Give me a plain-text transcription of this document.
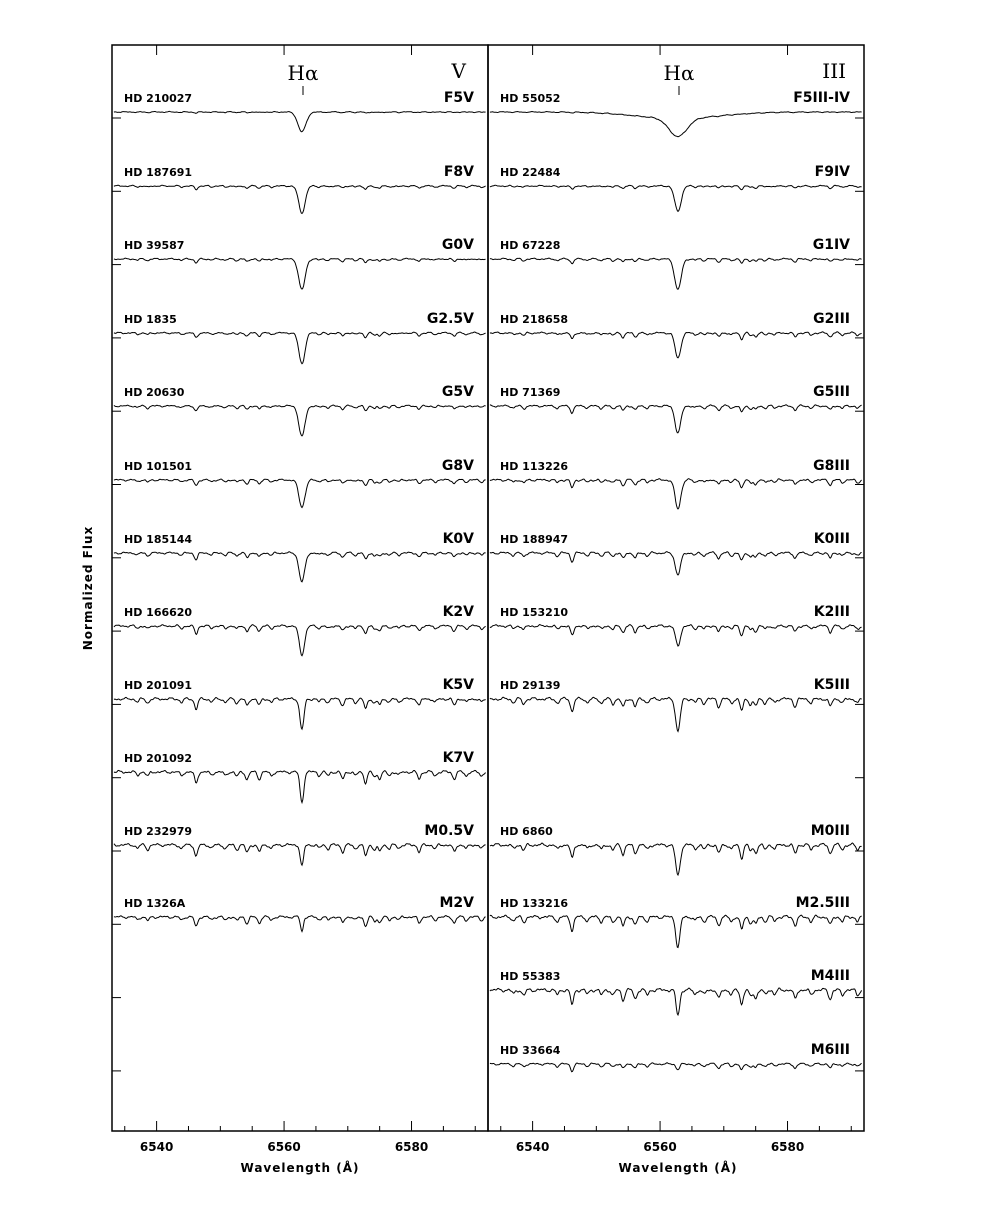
Hα	V	Hα	III
Wavelength (Å)	Wavelength (Å)
Normalized Flux
6540	6560	6580	6540	6560	6580
HD 210027	F5V
HD 187691	F8V
HD 39587	G0V
HD 1835	G2.5V
HD 20630	G5V
HD 101501	G8V
HD 185144	K0V
HD 166620	K2V
HD 201091	K5V
HD 201092	K7V
HD 232979	M0.5V
HD 1326A	M2V
HD 55052	F5III-IV
HD 22484	F9IV
HD 67228	G1IV
HD 218658	G2III
HD 71369	G5III
HD 113226	G8III
HD 188947	K0III
HD 153210	K2III
HD 29139	K5III
HD 6860	M0III
HD 133216	M2.5III
HD 55383	M4III
HD 33664	M6III
